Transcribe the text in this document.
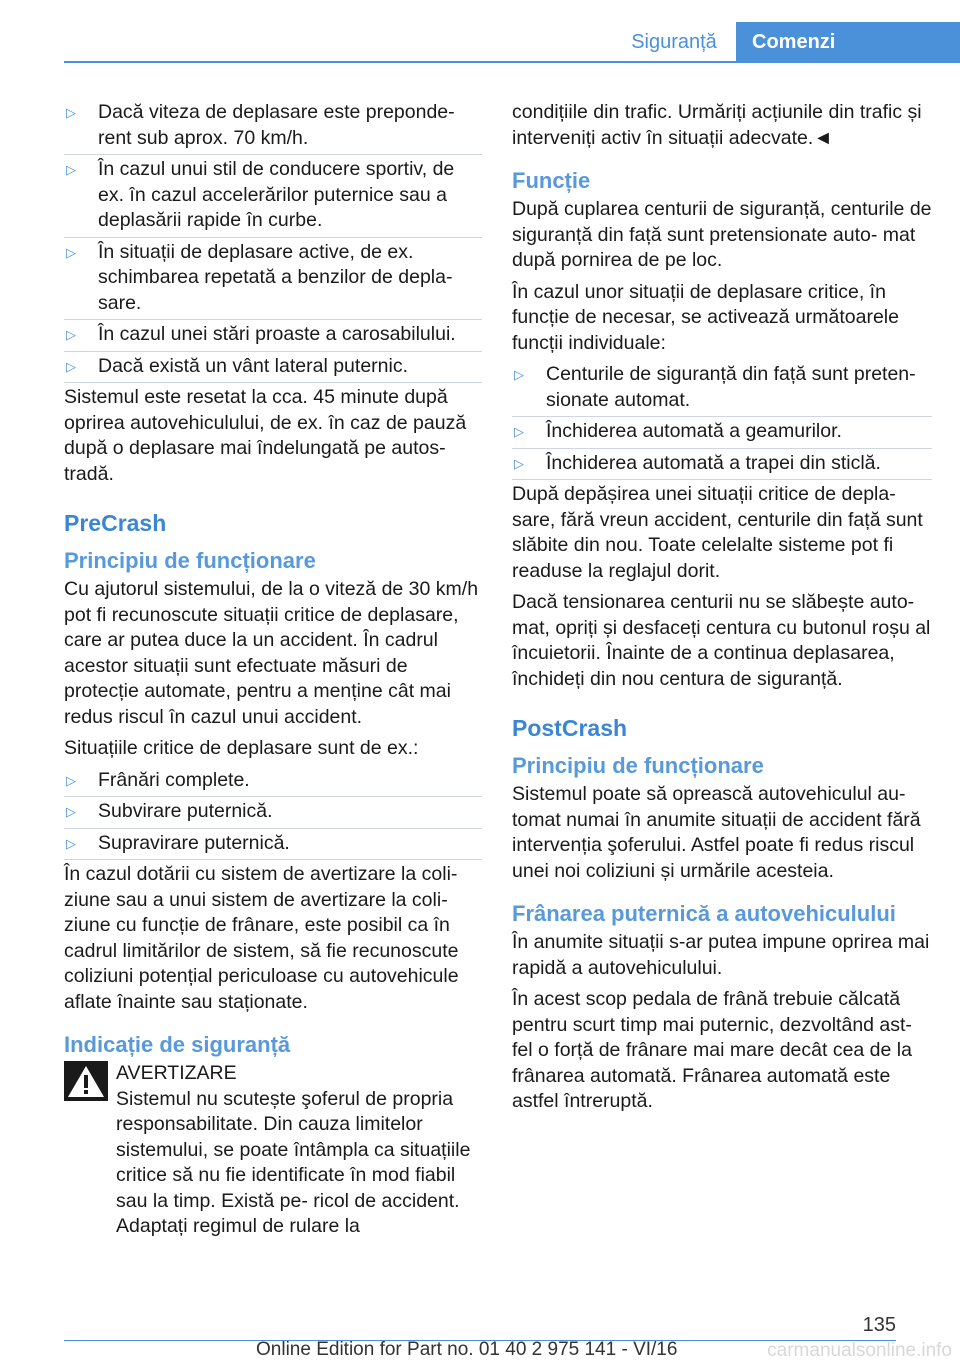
Siguranță	Comenzi
▷ Dacă viteza de deplasare este preponde‐ rent sub aprox. 70 km/h.
▷ În cazul unui stil de conducere sportiv, de ex. în cazul accelerărilor puternice sau a deplasării rapide în curbe.
▷ În situații de deplasare active, de ex. schimbarea repetată a benzilor de depla‐ sare.
▷ În cazul unei stări proaste a carosabilului.
▷ Dacă există un vânt lateral puternic.

Sistemul este resetat la cca. 45 minute după oprirea autovehiculului, de ex. în caz de pauză după o deplasare mai îndelungată pe autos‐ tradă.

PreCrash
Principiu de funcționare

Cu ajutorul sistemului, de la o viteză de 30 km/h pot fi recunoscute situații critice de deplasare, care ar putea duce la un accident. În cadrul acestor situații sunt efectuate măsuri de protecție automate, pentru a menține cât mai redus riscul în cazul unui accident.

Situațiile critice de deplasare sunt de ex.:

▷ Frânări complete.
▷ Subvirare puternică.
▷ Supravirare puternică.

În cazul dotării cu sistem de avertizare la coli‐ ziune sau a unui sistem de avertizare la coli‐ ziune cu funcție de frânare, este posibil ca în cadrul limitărilor de sistem, să fie recunoscute coliziuni potențial periculoase cu autovehicule aflate înainte sau staționate.

Indicație de siguranță
AVERTIZARE

Sistemul nu scutește şoferul de propria responsabilitate. Din cauza limitelor sistemului, se poate întâmpla ca situațiile critice să nu fie identificate în mod fiabil sau la timp. Există pe‐ ricol de accident. Adaptați regimul de rulare la

condițiile din trafic. Urmăriți acțiunile din trafic și interveniți activ în situații adecvate.◄

Funcție

După cuplarea centurii de siguranță, centurile de siguranță din față sunt pretensionate auto‐ mat după pornirea de pe loc.

În cazul unor situații de deplasare critice, în funcție de necesar, se activează următoarele funcții individuale:

▷ Centurile de siguranță din față sunt preten‐ sionate automat.
▷ Închiderea automată a geamurilor.
▷ Închiderea automată a trapei din sticlă.

După depășirea unei situații critice de depla‐ sare, fără vreun accident, centurile din față sunt slăbite din nou. Toate celelalte sisteme pot fi readuse la reglajul dorit.

Dacă tensionarea centurii nu se slăbește auto‐ mat, opriți și desfaceți centura cu butonul roșu al încuietorii. Înainte de a continua deplasarea, închideți din nou centura de siguranță.

PostCrash
Principiu de funcționare

Sistemul poate să oprească autovehiculul au‐ tomat numai în anumite situații de accident fără intervenția şoferului. Astfel poate fi redus riscul unei noi coliziuni și urmările acesteia.

Frânarea puternică a autovehiculului

În anumite situații s-ar putea impune oprirea mai rapidă a autovehiculului.

În acest scop pedala de frână trebuie călcată pentru scurt timp mai puternic, dezvoltând ast‐ fel o forță de frânare mai mare decât cea de la frânarea automată. Frânarea automată este astfel întreruptă.

135
Online Edition for Part no. 01 40 2 975 141 - VI/16	carmanualsonline.info
